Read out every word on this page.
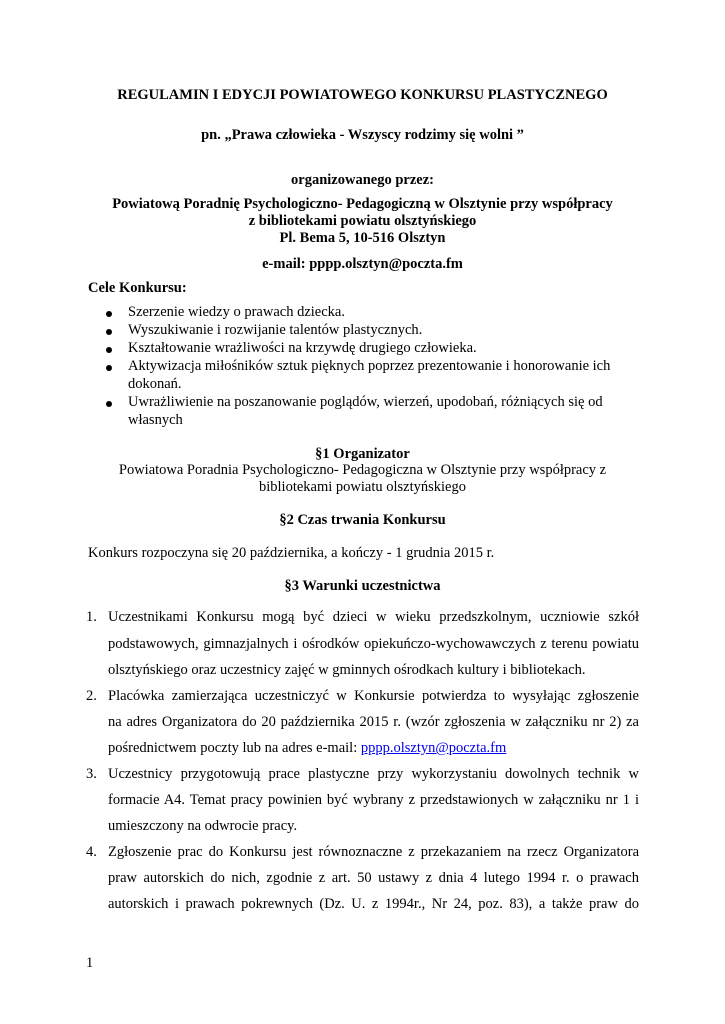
REGULAMIN I EDYCJI POWIATOWEGO KONKURSU PLASTYCZNEGO
pn. „Prawa człowieka - Wszyscy rodzimy się wolni ”
organizowanego przez:
Powiatową Poradnię Psychologiczno- Pedagogiczną w Olsztynie przy współpracy
z bibliotekami powiatu olsztyńskiego
Pl. Bema 5, 10-516 Olsztyn
e-mail: pppp.olsztyn@poczta.fm
Cele Konkursu:
Szerzenie wiedzy o prawach dziecka.
Wyszukiwanie i rozwijanie talentów plastycznych.
Kształtowanie wrażliwości na krzywdę drugiego człowieka.
Aktywizacja miłośników sztuk pięknych poprzez prezentowanie i honorowanie ich
dokonań.
Uwrażliwienie na poszanowanie poglądów, wierzeń, upodobań, różniących się od
własnych
§1 Organizator
Powiatowa Poradnia Psychologiczno- Pedagogiczna w Olsztynie przy współpracy z
bibliotekami powiatu olsztyńskiego
§2 Czas trwania Konkursu
Konkurs rozpoczyna się 20 października, a kończy - 1 grudnia 2015 r.
§3 Warunki uczestnictwa
1. Uczestnikami Konkursu mogą być dzieci w wieku przedszkolnym, uczniowie szkół
podstawowych, gimnazjalnych i ośrodków opiekuńczo-wychowawczych z terenu powiatu
olsztyńskiego oraz uczestnicy zajęć w gminnych ośrodkach kultury i bibliotekach.
2. Placówka zamierzająca uczestniczyć w Konkursie potwierdza to wysyłając zgłoszenie
na adres Organizatora do 20 października 2015 r. (wzór zgłoszenia w załączniku nr 2) za
pośrednictwem poczty lub na adres e-mail: pppp.olsztyn@poczta.fm
3. Uczestnicy przygotowują prace plastyczne przy wykorzystaniu dowolnych technik w
formacie A4. Temat pracy powinien być wybrany z przedstawionych w załączniku nr 1 i
umieszczony na odwrocie pracy.
4. Zgłoszenie prac do Konkursu jest równoznaczne z przekazaniem na rzecz Organizatora
praw autorskich do nich, zgodnie z art. 50 ustawy z dnia 4 lutego 1994 r. o prawach
autorskich i prawach pokrewnych (Dz. U. z 1994r., Nr 24, poz. 83), a także praw do
1
